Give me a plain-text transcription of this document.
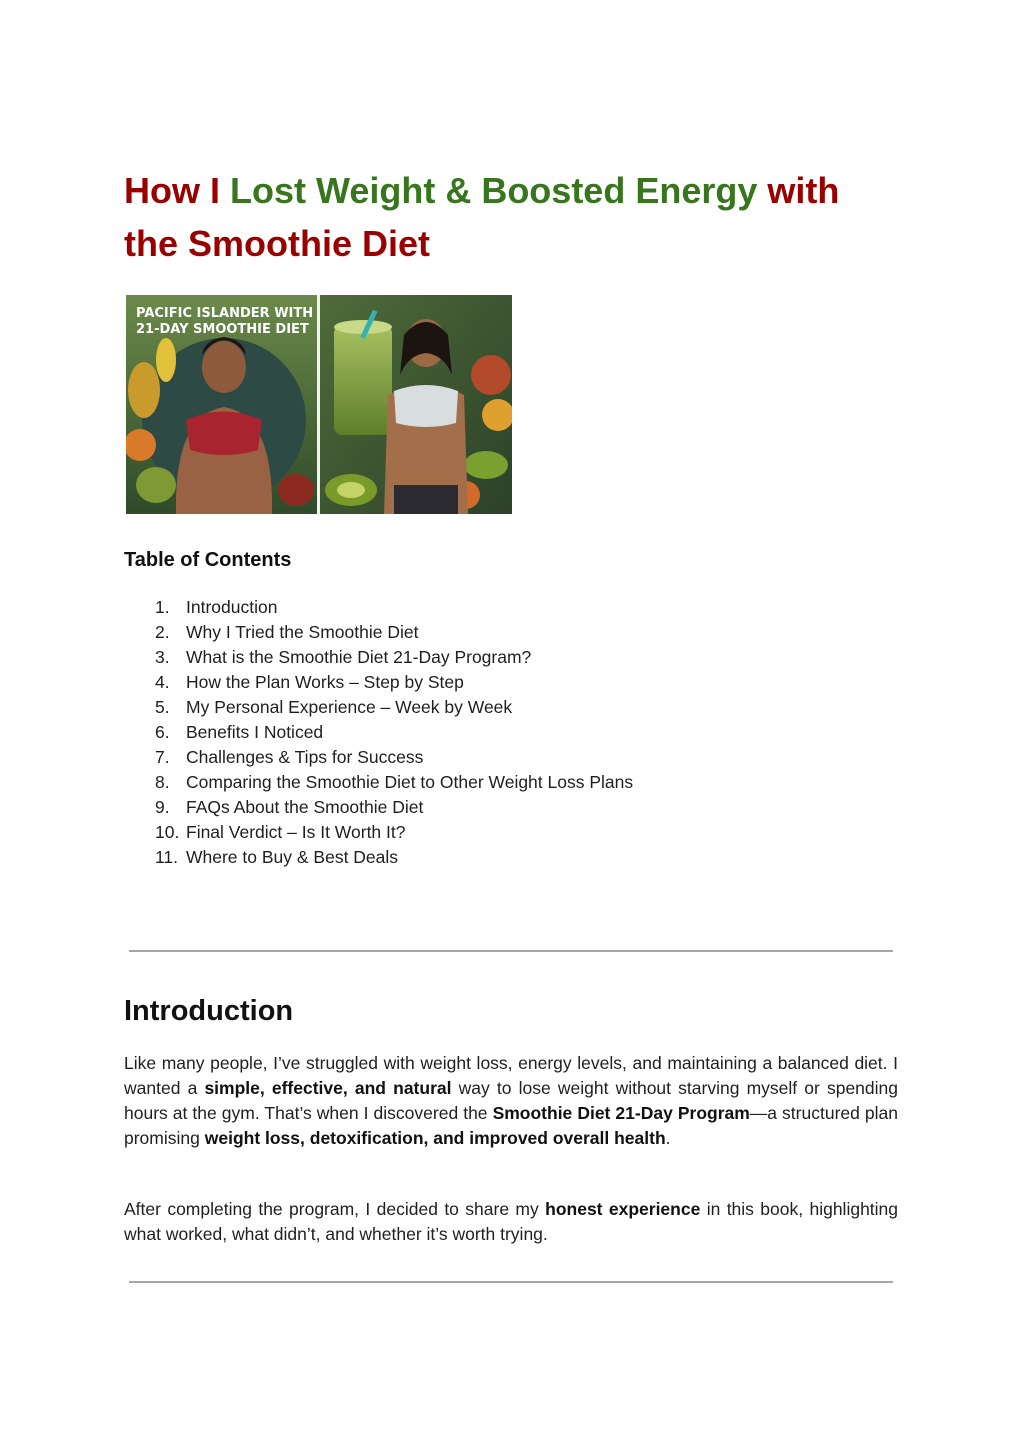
How I Lost Weight & Boosted Energy with the Smoothie Diet
PACIFIC ISLANDER WITH
21-DAY SMOOTHIE DIET
Table of Contents
1. Introduction
2. Why I Tried the Smoothie Diet
3. What is the Smoothie Diet 21-Day Program?
4. How the Plan Works – Step by Step
5. My Personal Experience – Week by Week
6. Benefits I Noticed
7. Challenges & Tips for Success
8. Comparing the Smoothie Diet to Other Weight Loss Plans
9. FAQs About the Smoothie Diet
10. Final Verdict – Is It Worth It?
11. Where to Buy & Best Deals
Introduction

Like many people, I’ve struggled with weight loss, energy levels, and maintaining a balanced diet. I wanted a simple, effective, and natural way to lose weight without starving myself or spending hours at the gym. That’s when I discovered the Smoothie Diet 21-Day Program—a structured plan promising weight loss, detoxification, and improved overall health.

After completing the program, I decided to share my honest experience in this book, highlighting what worked, what didn’t, and whether it’s worth trying.
